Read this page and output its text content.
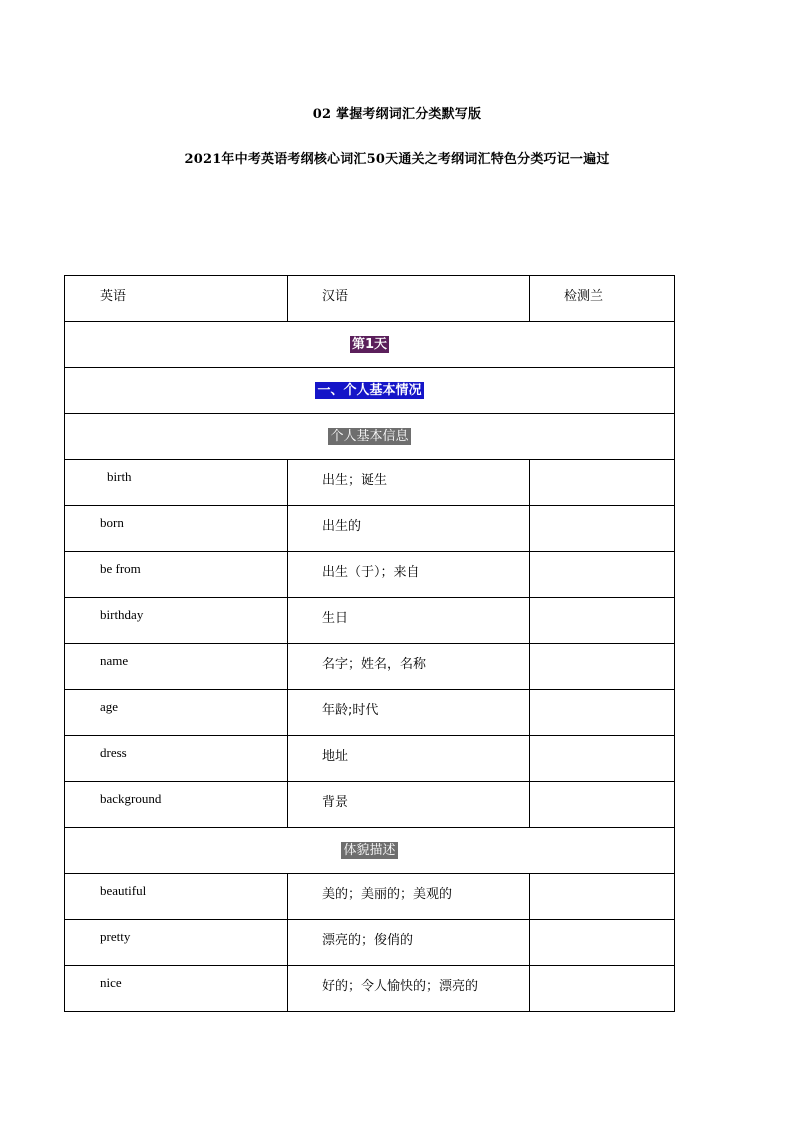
02 掌握考纲词汇分类默写版
2021年中考英语考纲核心词汇50天通关之考纲词汇特色分类巧记一遍过
英语	汉语	检测兰

第1天		

一、个人基本情况		

个人基本信息		

birth	出生；诞生	

born	出生的	

be from	出生（于）；来自	

birthday	生日	

name	名字；姓名，名称	

age	年龄;时代	

dress	地址	

background	背景	

体貌描述		

beautiful	美的；美丽的；美观的	

pretty	漂亮的；俊俏的	

nice	好的；令人愉快的；漂亮的	
